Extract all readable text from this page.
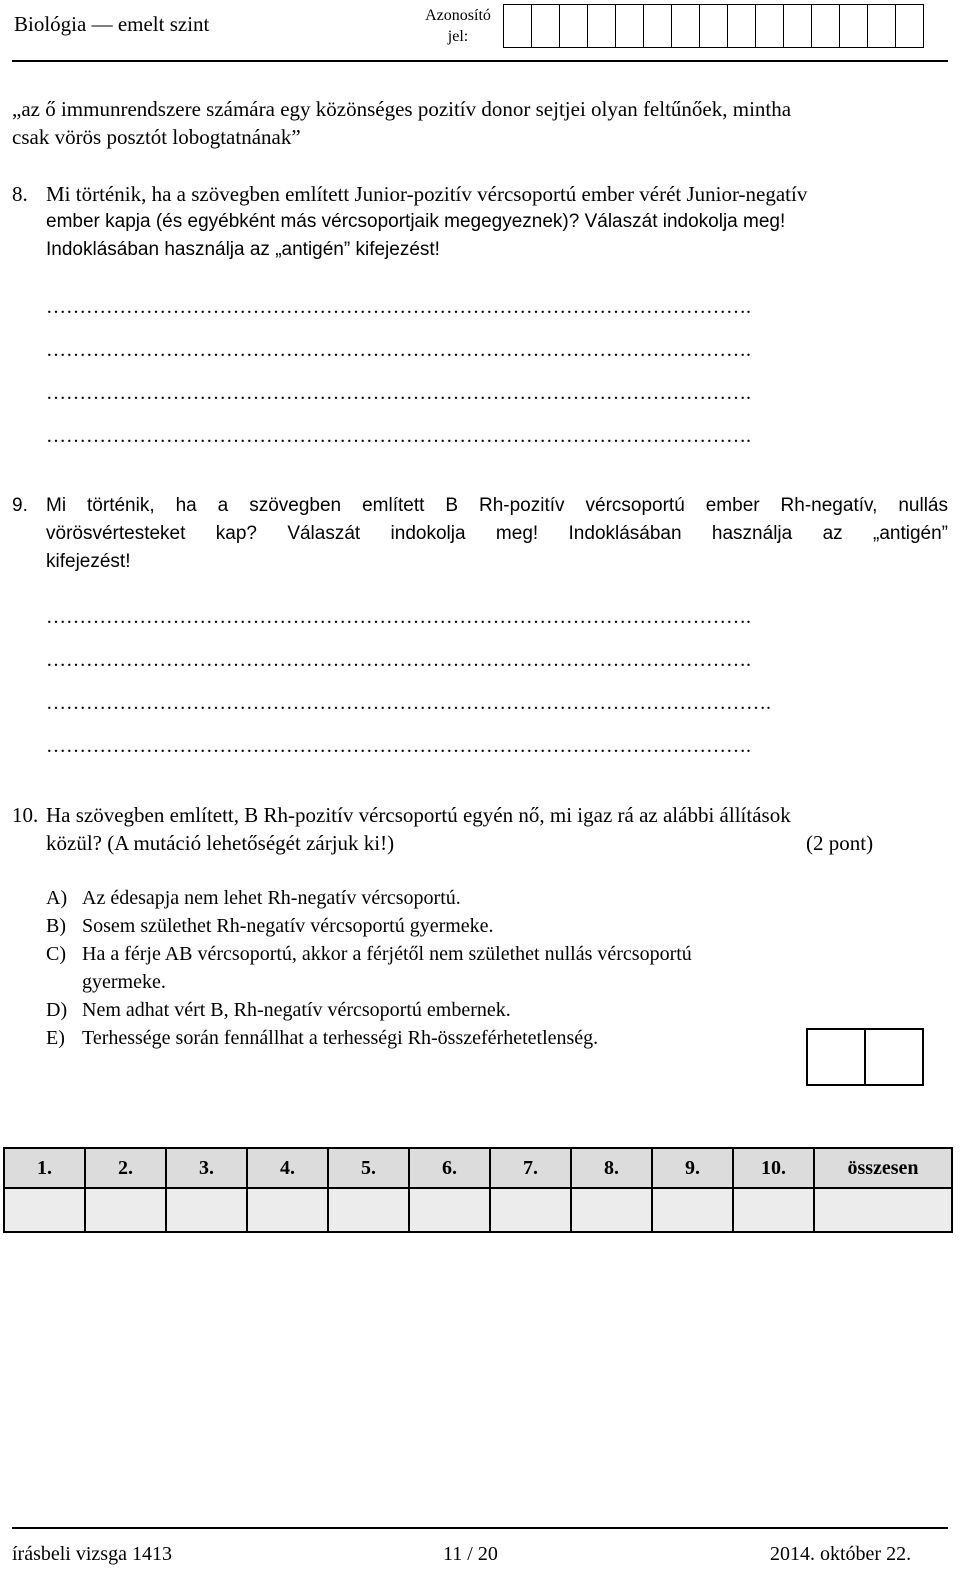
Biológia — emelt szint	Azonosító
jel:
„az ő immunrendszere számára egy közönséges pozitív donor sejtjei olyan feltűnőek, mintha
csak vörös posztót lobogtatnának”
8. Mi történik, ha a szövegben említett Junior-pozitív vércsoportú ember vérét Junior-negatív
ember kapja (és egyébként más vércsoportjaik megegyeznek)? Válaszát indokolja meg!
Indoklásában használja az „antigén” kifejezést!
…………………………………………………………………………………………….
…………………………………………………………………………………………….
…………………………………………………………………………………………….
…………………………………………………………………………………………….
9. Mi történik, ha a szövegben említett B Rh-pozitív vércsoportú ember Rh-negatív, nullás
vörösvértesteket kap? Válaszát indokolja meg! Indoklásában használja az „antigén”
kifejezést!
…………………………………………………………………………………………….
…………………………………………………………………………………………….
……………………………………………………………………………………………….
…………………………………………………………………………………………….
10. Ha szövegben említett, B Rh-pozitív vércsoportú egyén nő, mi igaz rá az alábbi állítások
közül? (A mutáció lehetőségét zárjuk ki!)	(2 pont)
A) Az édesapja nem lehet Rh-negatív vércsoportú.
B) Sosem születhet Rh-negatív vércsoportú gyermeke.
C) Ha a férje AB vércsoportú, akkor a férjétől nem születhet nullás vércsoportú
gyermeke.
D) Nem adhat vért B, Rh-negatív vércsoportú embernek.
E) Terhessége során fennállhat a terhességi Rh-összeférhetetlenség.
1.	2.	3.	4.	5.	6.	7.	8.	9.	10.	összesen

írásbeli vizsga 1413	11 / 20	2014. október 22.
